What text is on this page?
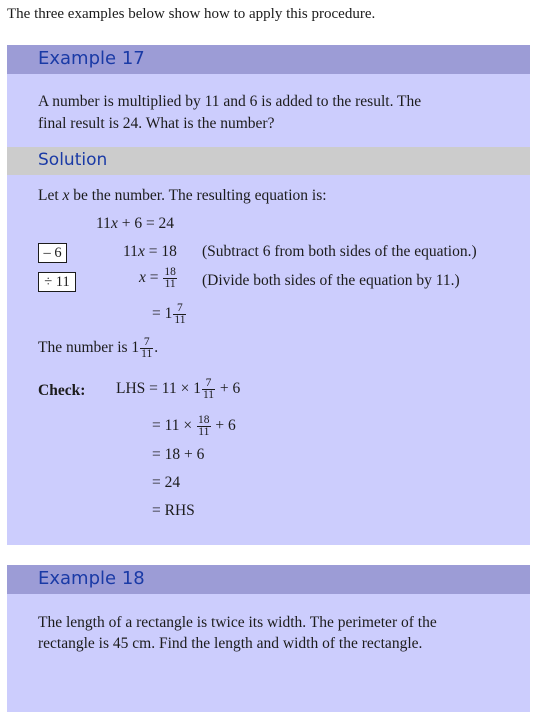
The three examples below show how to apply this procedure.
Example 17
A number is multiplied by 11 and 6 is added to the result. The
final result is 24. What is the number?
Solution
Let x be the number. The resulting equation is:
11x + 6 = 24
– 6	11x = 18 (Subtract 6 from both sides of the equation.)
÷ 11	$x = \frac{18}{11}$ (Divide both sides of the equation by 11.)
= $1 \frac{7}{11}$
The number is $1 \frac{7}{11}$ .
Check: LHS = $11 \times 1 \frac{7}{11} + 6$
= $11 \times \frac{18}{11} + 6$
= 18 + 6
= 24
= RHS
Example 18
The length of a rectangle is twice its width. The perimeter of the
rectangle is 45 cm. Find the length and width of the rectangle.
